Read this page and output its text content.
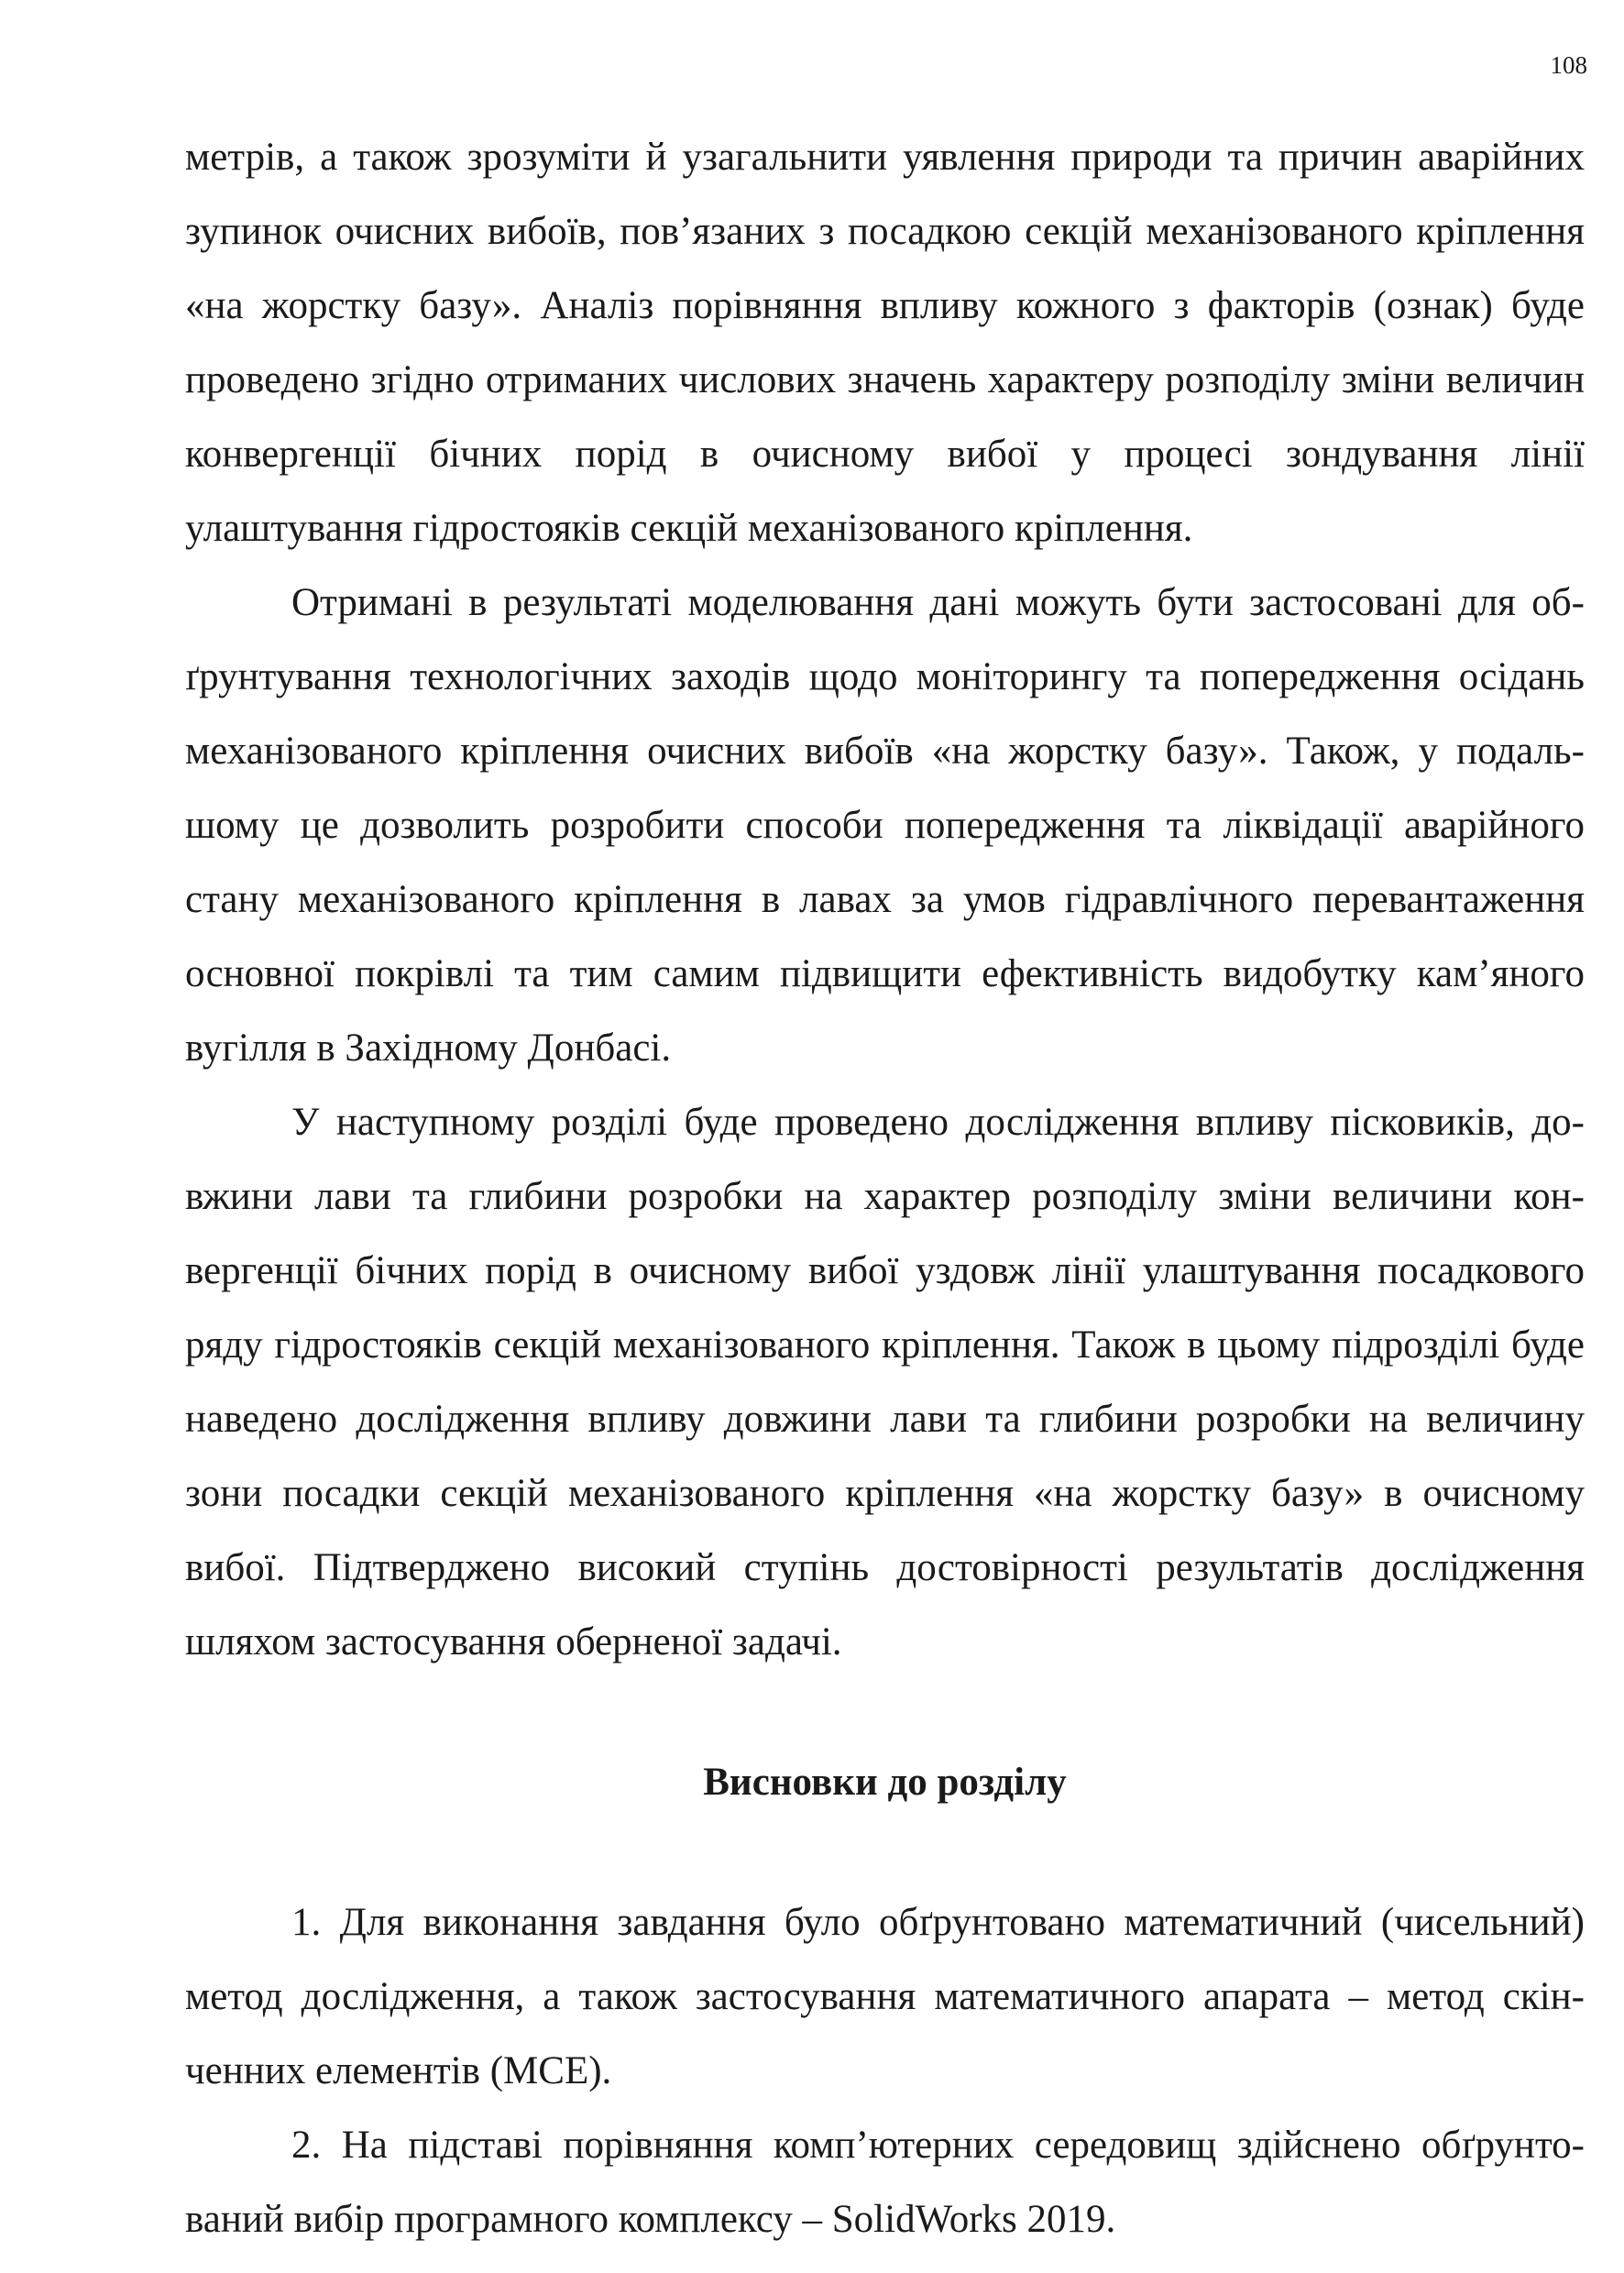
108

метрів, а також зрозуміти й узагальнити уявлення природи та причин аварійних зупинок очисних вибоїв, пов’язаних з посадкою секцій механізованого кріплення «на жорстку базу». Аналіз порівняння впливу кожного з факторів (ознак) буде проведено згідно отриманих числових значень характеру розподілу зміни величин конвергенції бічних порід в очисному вибої у процесі зондування лінії улаштування гідростояків секцій механізованого кріплення.

Отримані в результаті моделювання дані можуть бути застосовані для обґрунтування технологічних заходів щодо моніторингу та попередження осідань механізованого кріплення очисних вибоїв «на жорстку базу». Також, у подальшому це дозволить розробити способи попередження та ліквідації аварійного стану механізованого кріплення в лавах за умов гідравлічного перевантаження основної покрівлі та тим самим підвищити ефективність видобутку кам’яного вугілля в Західному Донбасі.

У наступному розділі буде проведено дослідження впливу пісковиків, довжини лави та глибини розробки на характер розподілу зміни величини конвергенції бічних порід в очисному вибої уздовж лінії улаштування посадкового ряду гідростояків секцій механізованого кріплення. Також в цьому підрозділі буде наведено дослідження впливу довжини лави та глибини розробки на величину зони посадки секцій механізованого кріплення «на жорстку базу» в очисному вибої. Підтверджено високий ступінь достовірності результатів дослідження шляхом застосування оберненої задачі.

Висновки до розділу

1. Для виконання завдання було обґрунтовано математичний (чисельний) метод дослідження, а також застосування математичного апарата – метод скінченних елементів (МСЕ).

2. На підставі порівняння комп’ютерних середовищ здійснено обґрунтований вибір програмного комплексу – SolidWorks 2019.
